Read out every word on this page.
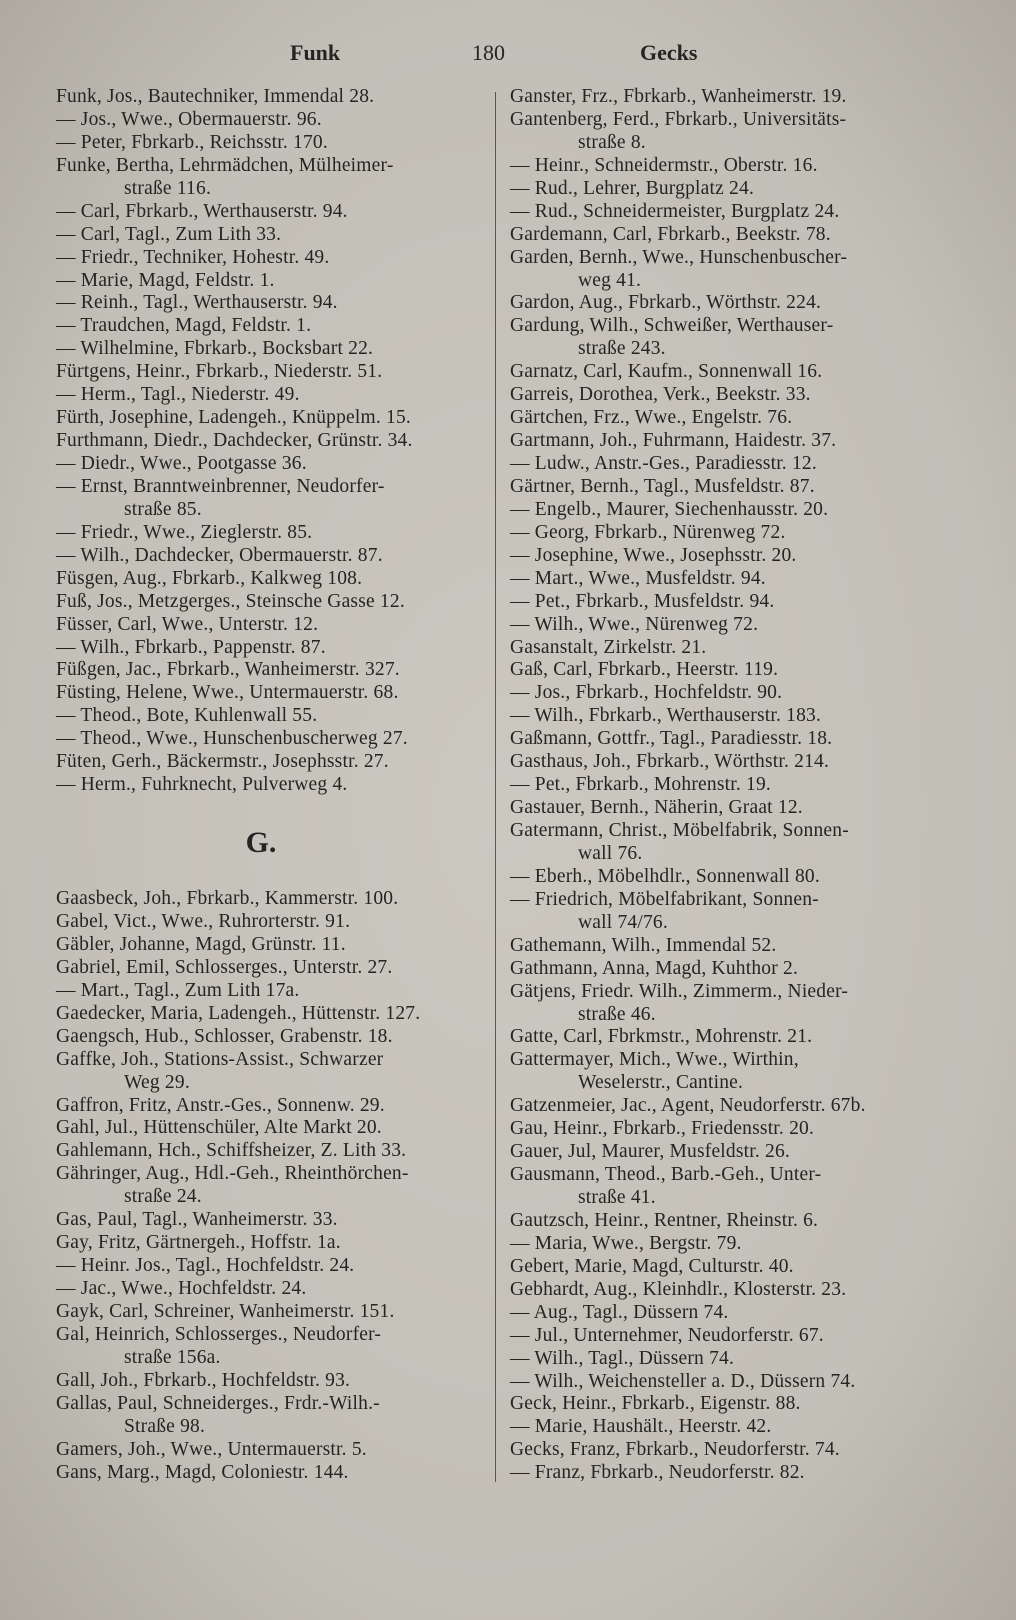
Funk	180	Gecks
Funk, Jos., Bautechniker, Immendal 28.
— Jos., Wwe., Obermauerstr. 96.
— Peter, Fbrkarb., Reichsstr. 170.
Funke, Bertha, Lehrmädchen, Mülheimer-
straße 116.
— Carl, Fbrkarb., Werthauserstr. 94.
— Carl, Tagl., Zum Lith 33.
— Friedr., Techniker, Hohestr. 49.
— Marie, Magd, Feldstr. 1.
— Reinh., Tagl., Werthauserstr. 94.
— Traudchen, Magd, Feldstr. 1.
— Wilhelmine, Fbrkarb., Bocksbart 22.
Fürtgens, Heinr., Fbrkarb., Niederstr. 51.
— Herm., Tagl., Niederstr. 49.
Fürth, Josephine, Ladengeh., Knüppelm. 15.
Furthmann, Diedr., Dachdecker, Grünstr. 34.
— Diedr., Wwe., Pootgasse 36.
— Ernst, Branntweinbrenner, Neudorfer-
straße 85.
— Friedr., Wwe., Zieglerstr. 85.
— Wilh., Dachdecker, Obermauerstr. 87.
Füsgen, Aug., Fbrkarb., Kalkweg 108.
Fuß, Jos., Metzgerges., Steinsche Gasse 12.
Füsser, Carl, Wwe., Unterstr. 12.
— Wilh., Fbrkarb., Pappenstr. 87.
Füßgen, Jac., Fbrkarb., Wanheimerstr. 327.
Füsting, Helene, Wwe., Untermauerstr. 68.
— Theod., Bote, Kuhlenwall 55.
— Theod., Wwe., Hunschenbuscherweg 27.
Füten, Gerh., Bäckermstr., Josephsstr. 27.
— Herm., Fuhrknecht, Pulverweg 4.
G.
Gaasbeck, Joh., Fbrkarb., Kammerstr. 100.
Gabel, Vict., Wwe., Ruhrorterstr. 91.
Gäbler, Johanne, Magd, Grünstr. 11.
Gabriel, Emil, Schlosserges., Unterstr. 27.
— Mart., Tagl., Zum Lith 17a.
Gaedecker, Maria, Ladengeh., Hüttenstr. 127.
Gaengsch, Hub., Schlosser, Grabenstr. 18.
Gaffke, Joh., Stations-Assist., Schwarzer
Weg 29.
Gaffron, Fritz, Anstr.-Ges., Sonnenw. 29.
Gahl, Jul., Hüttenschüler, Alte Markt 20.
Gahlemann, Hch., Schiffsheizer, Z. Lith 33.
Gähringer, Aug., Hdl.-Geh., Rheinthörchen-
straße 24.
Gas, Paul, Tagl., Wanheimerstr. 33.
Gay, Fritz, Gärtnergeh., Hoffstr. 1a.
— Heinr. Jos., Tagl., Hochfeldstr. 24.
— Jac., Wwe., Hochfeldstr. 24.
Gayk, Carl, Schreiner, Wanheimerstr. 151.
Gal, Heinrich, Schlosserges., Neudorfer-
straße 156a.
Gall, Joh., Fbrkarb., Hochfeldstr. 93.
Gallas, Paul, Schneiderges., Frdr.-Wilh.-
Straße 98.
Gamers, Joh., Wwe., Untermauerstr. 5.
Gans, Marg., Magd, Coloniestr. 144.
Ganster, Frz., Fbrkarb., Wanheimerstr. 19.
Gantenberg, Ferd., Fbrkarb., Universitäts-
straße 8.
— Heinr., Schneidermstr., Oberstr. 16.
— Rud., Lehrer, Burgplatz 24.
— Rud., Schneidermeister, Burgplatz 24.
Gardemann, Carl, Fbrkarb., Beekstr. 78.
Garden, Bernh., Wwe., Hunschenbuscher-
weg 41.
Gardon, Aug., Fbrkarb., Wörthstr. 224.
Gardung, Wilh., Schweißer, Werthauser-
straße 243.
Garnatz, Carl, Kaufm., Sonnenwall 16.
Garreis, Dorothea, Verk., Beekstr. 33.
Gärtchen, Frz., Wwe., Engelstr. 76.
Gartmann, Joh., Fuhrmann, Haidestr. 37.
— Ludw., Anstr.-Ges., Paradiesstr. 12.
Gärtner, Bernh., Tagl., Musfeldstr. 87.
— Engelb., Maurer, Siechenhausstr. 20.
— Georg, Fbrkarb., Nürenweg 72.
— Josephine, Wwe., Josephsstr. 20.
— Mart., Wwe., Musfeldstr. 94.
— Pet., Fbrkarb., Musfeldstr. 94.
— Wilh., Wwe., Nürenweg 72.
Gasanstalt, Zirkelstr. 21.
Gaß, Carl, Fbrkarb., Heerstr. 119.
— Jos., Fbrkarb., Hochfeldstr. 90.
— Wilh., Fbrkarb., Werthauserstr. 183.
Gaßmann, Gottfr., Tagl., Paradiesstr. 18.
Gasthaus, Joh., Fbrkarb., Wörthstr. 214.
— Pet., Fbrkarb., Mohrenstr. 19.
Gastauer, Bernh., Näherin, Graat 12.
Gatermann, Christ., Möbelfabrik, Sonnen-
wall 76.
— Eberh., Möbelhdlr., Sonnenwall 80.
— Friedrich, Möbelfabrikant, Sonnen-
wall 74/76.
Gathemann, Wilh., Immendal 52.
Gathmann, Anna, Magd, Kuhthor 2.
Gätjens, Friedr. Wilh., Zimmerm., Nieder-
straße 46.
Gatte, Carl, Fbrkmstr., Mohrenstr. 21.
Gattermayer, Mich., Wwe., Wirthin,
Weselerstr., Cantine.
Gatzenmeier, Jac., Agent, Neudorferstr. 67b.
Gau, Heinr., Fbrkarb., Friedensstr. 20.
Gauer, Jul, Maurer, Musfeldstr. 26.
Gausmann, Theod., Barb.-Geh., Unter-
straße 41.
Gautzsch, Heinr., Rentner, Rheinstr. 6.
— Maria, Wwe., Bergstr. 79.
Gebert, Marie, Magd, Culturstr. 40.
Gebhardt, Aug., Kleinhdlr., Klosterstr. 23.
— Aug., Tagl., Düssern 74.
— Jul., Unternehmer, Neudorferstr. 67.
— Wilh., Tagl., Düssern 74.
— Wilh., Weichensteller a. D., Düssern 74.
Geck, Heinr., Fbrkarb., Eigenstr. 88.
— Marie, Haushält., Heerstr. 42.
Gecks, Franz, Fbrkarb., Neudorferstr. 74.
— Franz, Fbrkarb., Neudorferstr. 82.
